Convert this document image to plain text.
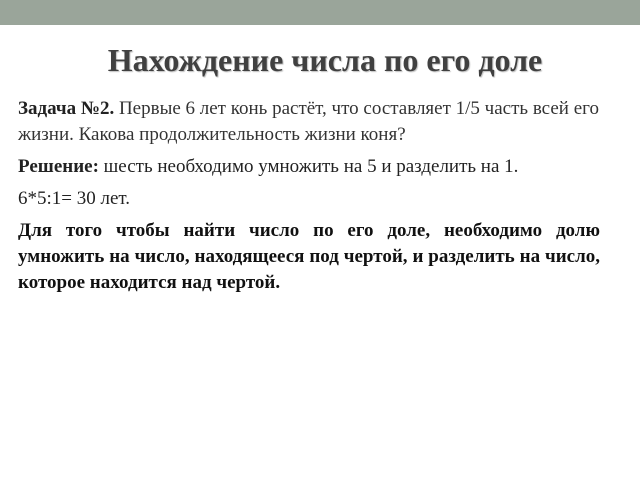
Нахождение числа по его доле

Задача №2. Первые 6 лет конь растёт, что составляет 1/5 часть всей его жизни. Какова продолжительность жизни коня?

Решение: шесть необходимо умножить на 5 и разделить на 1.

6*5:1= 30 лет.

Для того чтобы найти число по его доле, необходимо долю умножить на число, находящееся под чертой, и разделить на число, которое находится над чертой.
